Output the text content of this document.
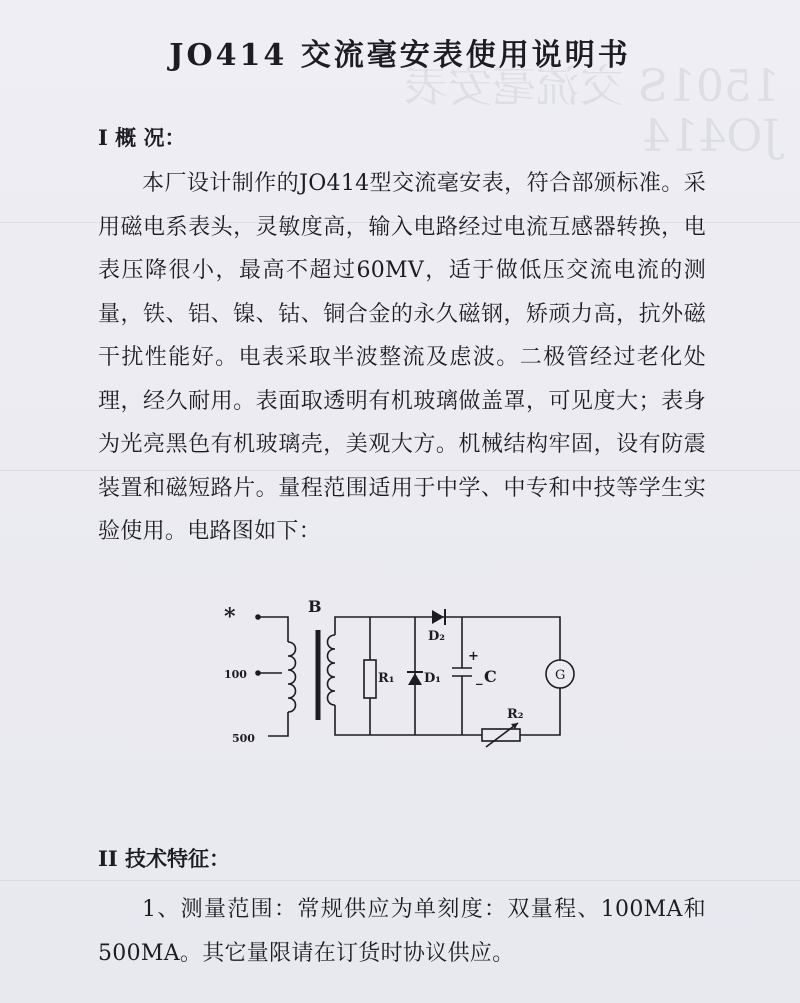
1501S 交流毫安表
JO414
JO414 交流毫安表使用说明书
I 概 况：
本厂设计制作的JO414型交流毫安表，符合部颁标准。采用磁电系表头，灵敏度高，输入电路经过电流互感器转换，电表压降很小，最高不超过60MV，适于做低压交流电流的测量，铁、铝、镍、钴、铜合金的永久磁钢，矫顽力高，抗外磁干扰性能好。电表采取半波整流及虑波。二极管经过老化处理，经久耐用。表面取透明有机玻璃做盖罩，可见度大；表身为光亮黑色有机玻璃壳，美观大方。机械结构牢固，设有防震装置和磁短路片。量程范围适用于中学、中专和中技等学生实验使用。电路图如下：
*
100
500
B
R₁ D₁
D₂
+
_ C
R₂
G
II 技术特征：
1、测量范围：常规供应为单刻度：双量程、100MA和500MA。其它量限请在订货时协议供应。
